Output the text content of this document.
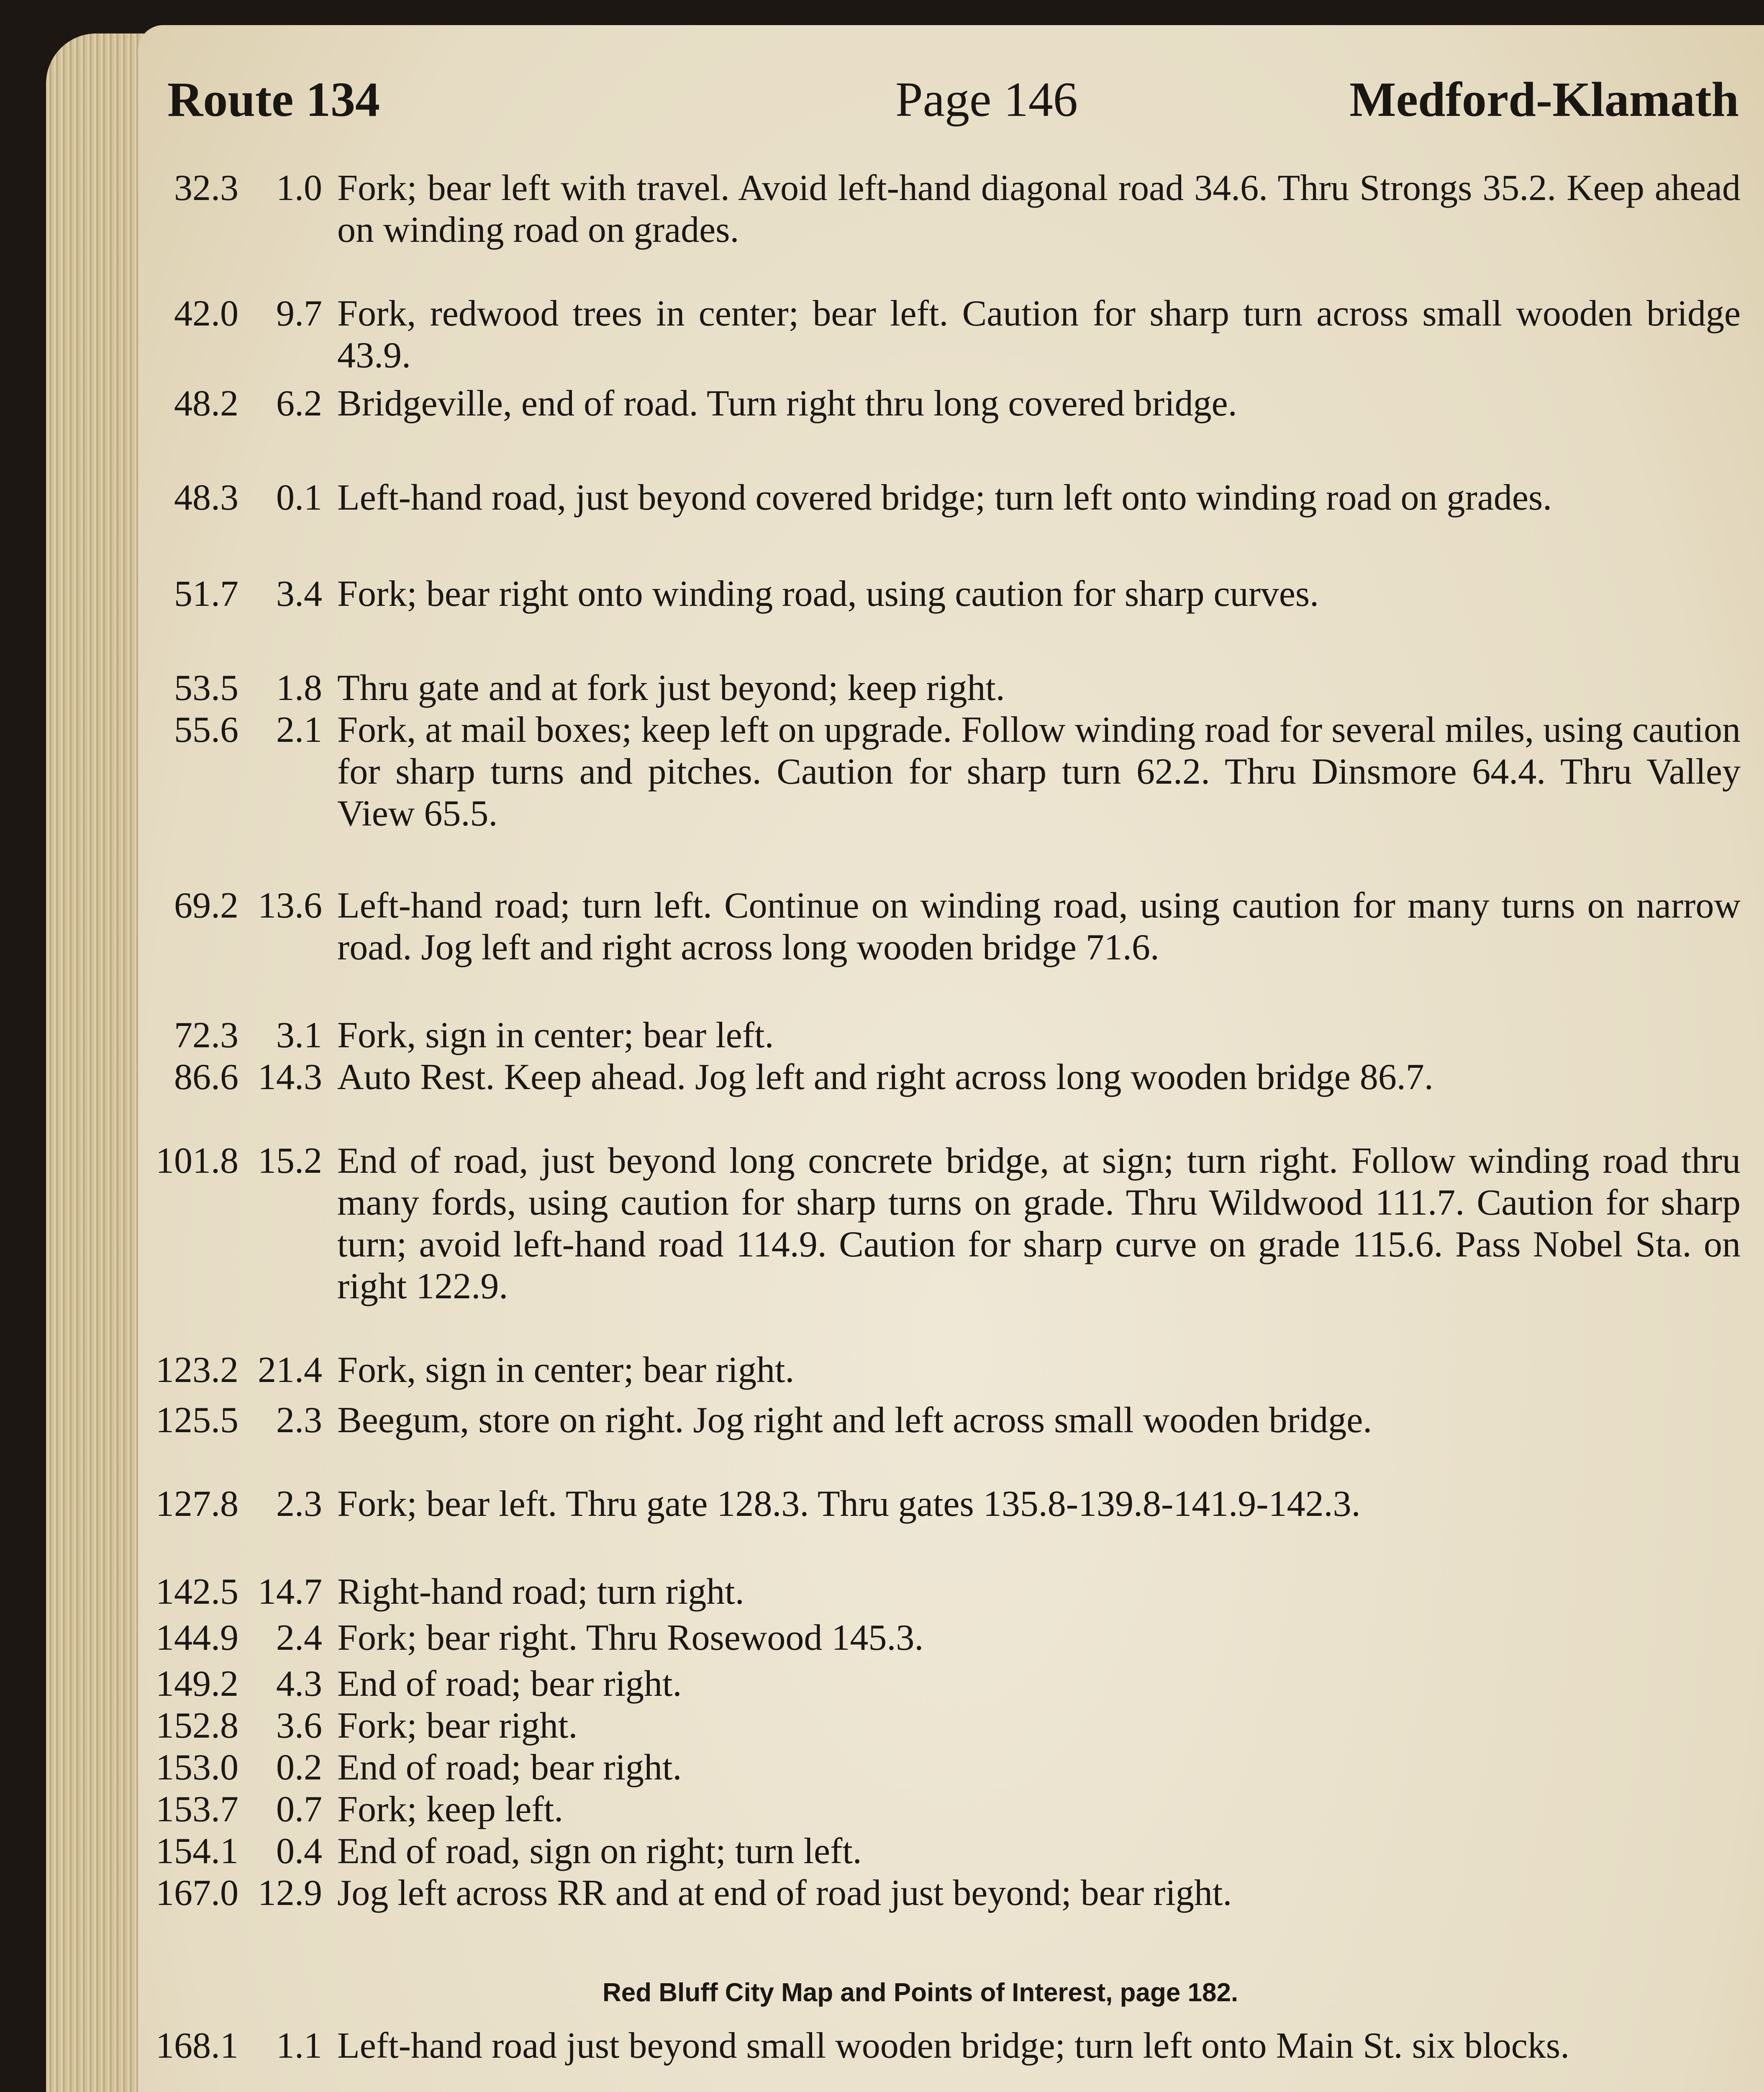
Route 134	Page 146	Medford-Klamath
32.3	1.0 Fork; bear left with travel. Avoid left-hand diagonal road 34.6. Thru Strongs 35.2. Keep ahead on winding road on grades.
42.0	9.7 Fork, redwood trees in center; bear left. Caution for sharp turn across small wooden bridge 43.9.
48.2	6.2 Bridgeville, end of road. Turn right thru long covered bridge.
48.3	0.1 Left-hand road, just beyond covered bridge; turn left onto winding road on grades.
51.7	3.4 Fork; bear right onto winding road, using caution for sharp curves.
53.5	1.8 Thru gate and at fork just beyond; keep right.
55.6	2.1 Fork, at mail boxes; keep left on upgrade. Follow winding road for several miles, using caution for sharp turns and pitches. Caution for sharp turn 62.2. Thru Dinsmore 64.4. Thru Valley View 65.5.
69.2 13.6 Left-hand road; turn left. Continue on winding road, using caution for many turns on narrow road. Jog left and right across long wooden bridge 71.6.
72.3	3.1 Fork, sign in center; bear left.
86.6 14.3 Auto Rest. Keep ahead. Jog left and right across long wooden bridge 86.7.
101.8 15.2 End of road, just beyond long concrete bridge, at sign; turn right. Follow winding road thru many fords, using caution for sharp turns on grade. Thru Wildwood 111.7. Caution for sharp turn; avoid left-hand road 114.9. Caution for sharp curve on grade 115.6. Pass Nobel Sta. on right 122.9.
123.2 21.4 Fork, sign in center; bear right.
125.5	2.3 Beegum, store on right. Jog right and left across small wooden bridge.
127.8	2.3 Fork; bear left. Thru gate 128.3. Thru gates 135.8-139.8-141.9-142.3.
142.5 14.7 Right-hand road; turn right.
144.9	2.4 Fork; bear right. Thru Rosewood 145.3.
149.2	4.3 End of road; bear right.
152.8	3.6 Fork; bear right.
153.0	0.2 End of road; bear right.
153.7	0.7 Fork; keep left.
154.1	0.4 End of road, sign on right; turn left.
167.0 12.9 Jog left across RR and at end of road just beyond; bear right.
Red Bluff City Map and Points of Interest, page 182.
168.1	1.1 Left-hand road just beyond small wooden bridge; turn left onto Main St. six blocks.
